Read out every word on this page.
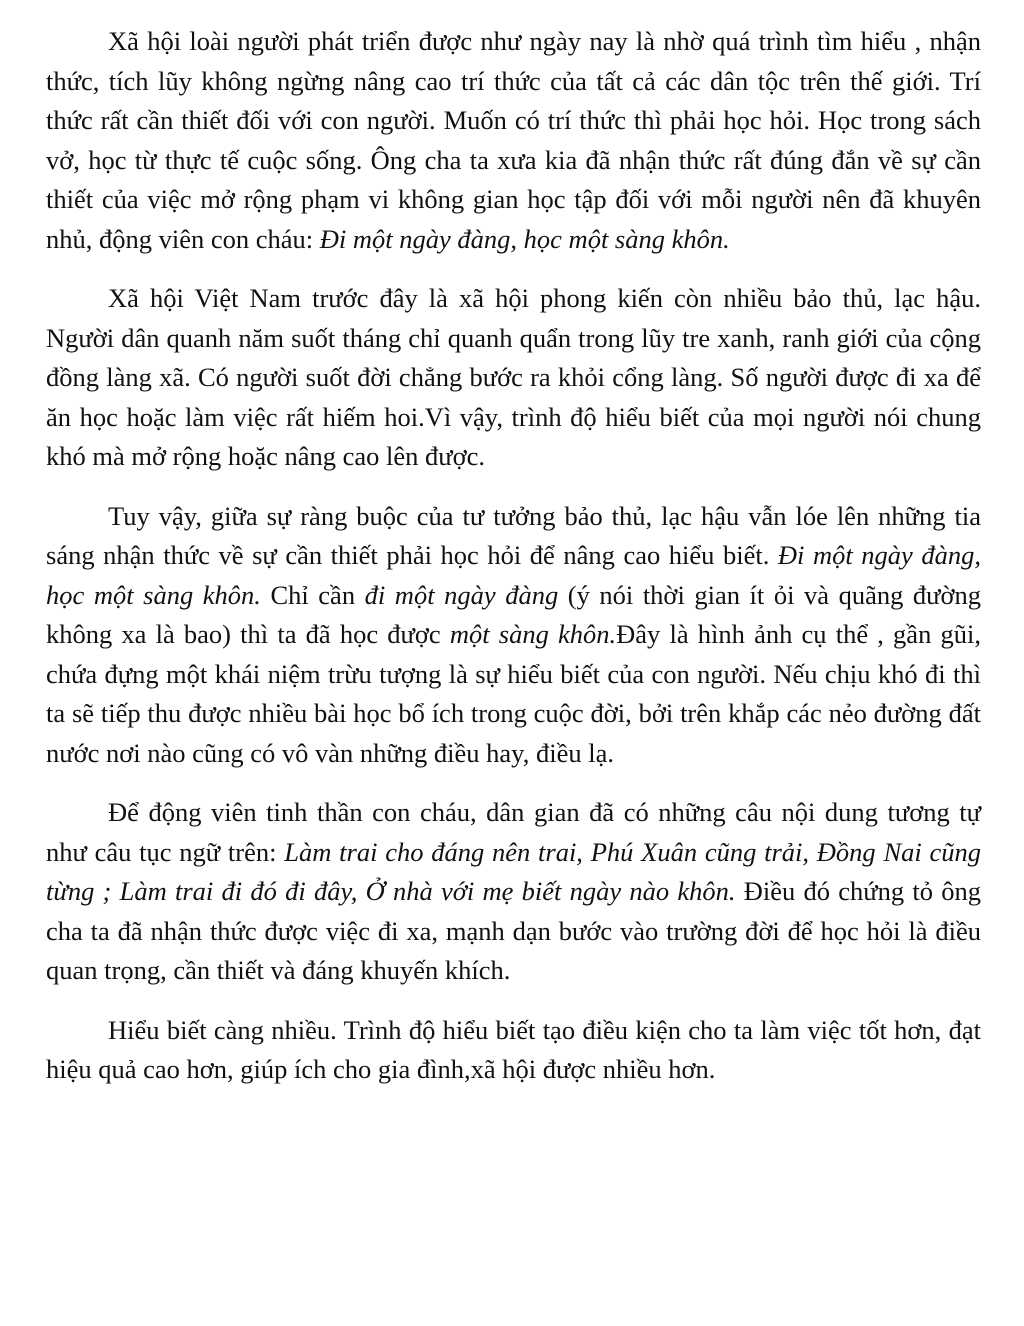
Xã hội loài người phát triển được như ngày nay là nhờ quá trình tìm hiểu , nhận thức, tích lũy không ngừng nâng cao trí thức của tất cả các dân tộc trên thế giới. Trí thức rất cần thiết đối với con người. Muốn có trí thức thì phải học hỏi. Học trong sách vở, học từ thực tế cuộc sống. Ông cha ta xưa kia đã nhận thức rất đúng đắn về sự cần thiết của việc mở rộng phạm vi không gian học tập đối với mỗi người nên đã khuyên nhủ, động viên con cháu: Đi một ngày đàng, học một sàng khôn.

Xã hội Việt Nam trước đây là xã hội phong kiến còn nhiều bảo thủ, lạc hậu. Người dân quanh năm suốt tháng chỉ quanh quẩn trong lũy tre xanh, ranh giới của cộng đồng làng xã. Có người suốt đời chẳng bước ra khỏi cổng làng. Số người được đi xa để ăn học hoặc làm việc rất hiếm hoi.Vì vậy, trình độ hiểu biết của mọi người nói chung khó mà mở rộng hoặc nâng cao lên được.

Tuy vậy, giữa sự ràng buộc của tư tưởng bảo thủ, lạc hậu vẫn lóe lên những tia sáng nhận thức về sự cần thiết phải học hỏi để nâng cao hiểu biết. Đi một ngày đàng, học một sàng khôn. Chỉ cần đi một ngày đàng (ý nói thời gian ít ỏi và quãng đường không xa là bao) thì ta đã học được một sàng khôn.Đây là hình ảnh cụ thể , gần gũi, chứa đựng một khái niệm trừu tượng là sự hiểu biết của con người. Nếu chịu khó đi thì ta sẽ tiếp thu được nhiều bài học bổ ích trong cuộc đời, bởi trên khắp các nẻo đường đất nước nơi nào cũng có vô vàn những điều hay, điều lạ.

Để động viên tinh thần con cháu, dân gian đã có những câu nội dung tương tự như câu tục ngữ trên: Làm trai cho đáng nên trai, Phú Xuân cũng trải, Đồng Nai cũng từng ; Làm trai đi đó đi đây, Ở nhà với mẹ biết ngày nào khôn. Điều đó chứng tỏ ông cha ta đã nhận thức được việc đi xa, mạnh dạn bước vào trường đời để học hỏi là điều quan trọng, cần thiết và đáng khuyến khích.

Hiểu biết càng nhiều. Trình độ hiểu biết tạo điều kiện cho ta làm việc tốt hơn, đạt hiệu quả cao hơn, giúp ích cho gia đình,xã hội được nhiều hơn.
